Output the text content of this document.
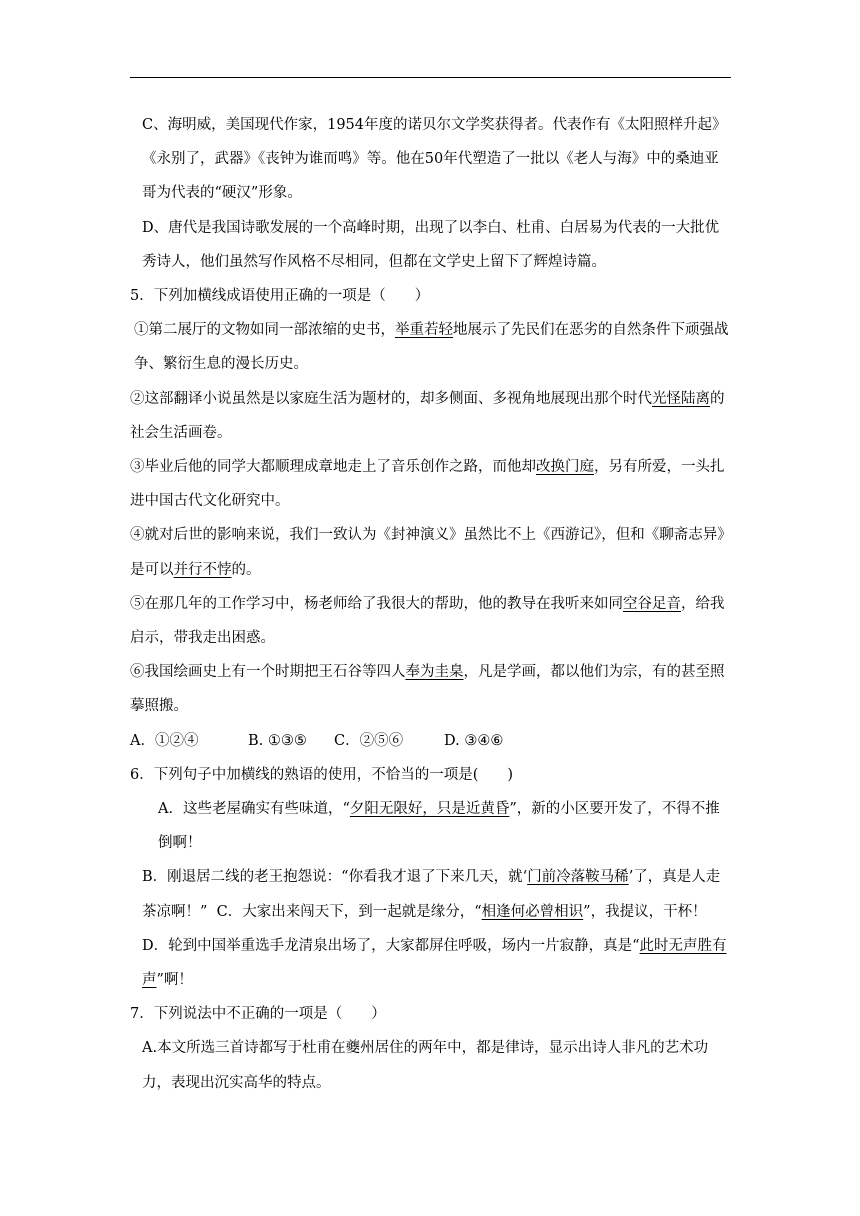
C、海明威，美国现代作家，1954年度的诺贝尔文学奖获得者。代表作有《太阳照样升起》《永别了，武器》《丧钟为谁而鸣》等。他在50年代塑造了一批以《老人与海》中的桑迪亚哥为代表的“硬汉”形象。

D、唐代是我国诗歌发展的一个高峰时期，出现了以李白、杜甫、白居易为代表的一大批优秀诗人，他们虽然写作风格不尽相同，但都在文学史上留下了辉煌诗篇。

5．下列加横线成语使用正确的一项是（　　）

①第二展厅的文物如同一部浓缩的史书，举重若轻地展示了先民们在恶劣的自然条件下顽强战争、繁衍生息的漫长历史。

②这部翻译小说虽然是以家庭生活为题材的，却多侧面、多视角地展现出那个时代光怪陆离的社会生活画卷。

③毕业后他的同学大都顺理成章地走上了音乐创作之路，而他却改换门庭，另有所爱，一头扎进中国古代文化研究中。

④就对后世的影响来说，我们一致认为《封神演义》虽然比不上《西游记》，但和《聊斋志异》

是可以并行不悖的。

⑤在那几年的工作学习中，杨老师给了我很大的帮助，他的教导在我听来如同空谷足音，给我启示，带我走出困惑。

⑥我国绘画史上有一个时期把王石谷等四人奉为圭臬，凡是学画，都以他们为宗，有的甚至照摹照搬。

A．①②④	B. ①③⑤ C．②⑤⑥	D. ③④⑥

6．下列句子中加横线的熟语的使用，不恰当的一项是(　　)

A．这些老屋确实有些味道，“夕阳无限好，只是近黄昏”，新的小区要开发了，不得不推倒啊！

B．刚退居二线的老王抱怨说：“你看我才退了下来几天，就‘门前冷落鞍马稀’了，真是人走茶凉啊！” C．大家出来闯天下，到一起就是缘分，“相逢何必曾相识”，我提议，干杯！

D．轮到中国举重选手龙清泉出场了，大家都屏住呼吸，场内一片寂静，真是“此时无声胜有声”啊！

7．下列说法中不正确的一项是（　　）

A.本文所选三首诗都写于杜甫在夔州居住的两年中，都是律诗，显示出诗人非凡的艺术功力，表现出沉实高华的特点。
